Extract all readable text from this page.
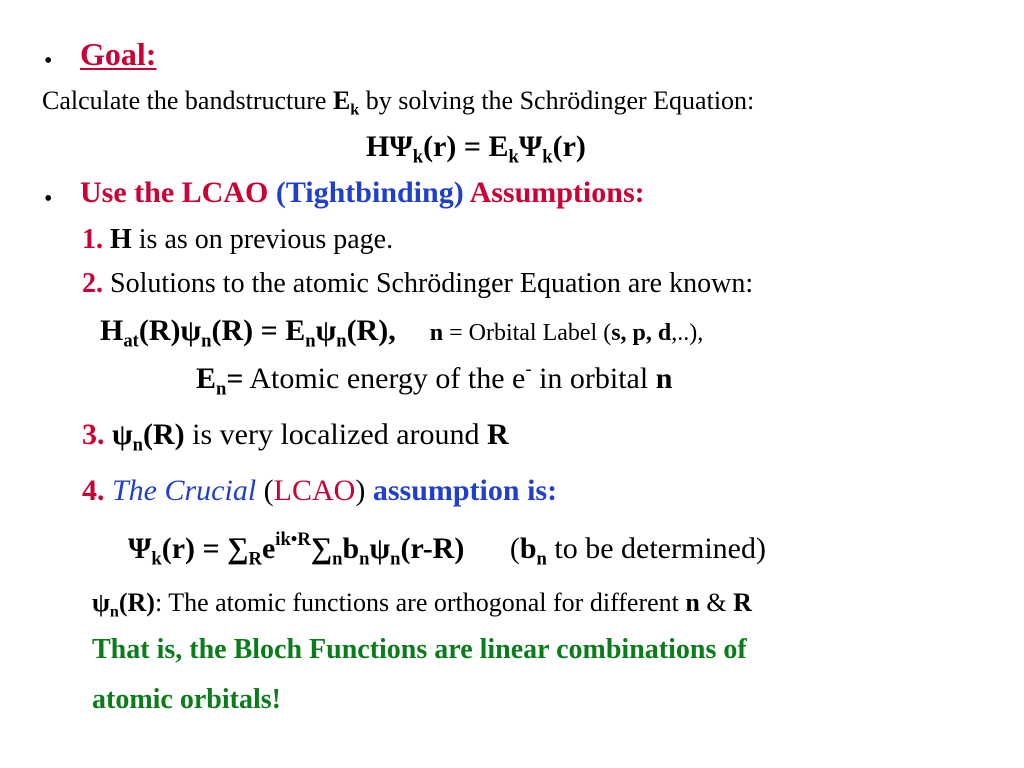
• Goal:
Calculate the bandstructure $E_k$ by solving the Schrödinger Equation:
$H\Psi_k(r) = E_k\Psi_k(r)$
• Use the LCAO (Tightbinding) Assumptions:
1. H is as on previous page.
2. Solutions to the atomic Schrödinger Equation are known:
$H_{at}(R)\psi_n(R) = E_n\psi_n(R)$, n = Orbital Label (s, p, d,..),
$E_n=$ Atomic energy of the e- in orbital n
3. $\psi_n(R)$ is very localized around R
4. The Crucial (LCAO) assumption is:
$\Psi_k(r) = \sum_Re^{ik•R}\sum_nb_n\psi_n(r-R)$ ($b_n$ to be determined)
$\psi_n(R)$: The atomic functions are orthogonal for different n & R
That is, the Bloch Functions are linear combinations of
atomic orbitals!
